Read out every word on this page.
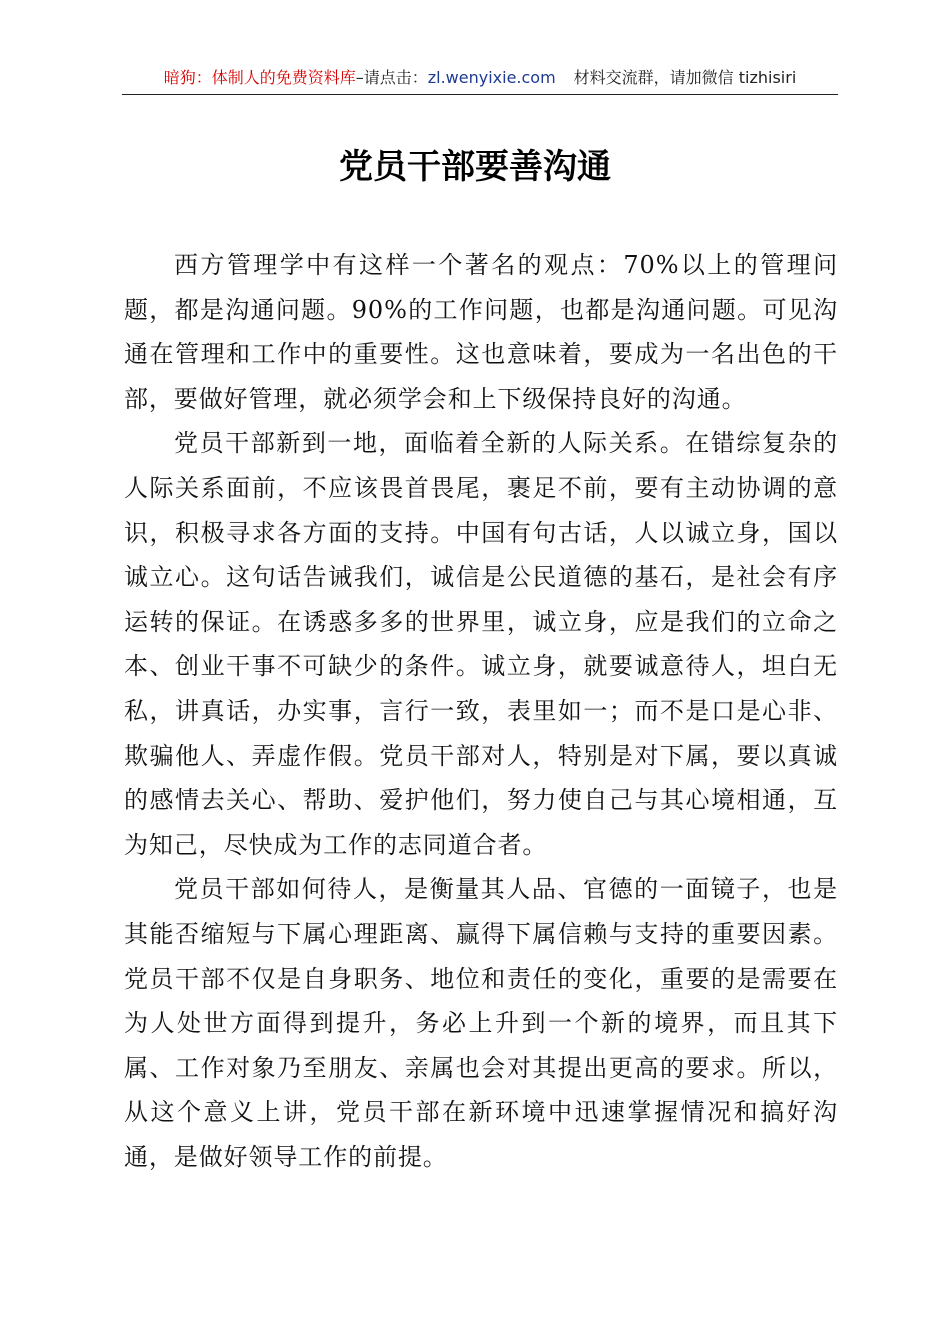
暗狗：体制人的免费资料库–请点击：zl.wenyixie.com 材料交流群，请加微信 tizhisiri
党员干部要善沟通

西方管理学中有这样一个著名的观点：70%以上的管理问题，都是沟通问题。90%的工作问题，也都是沟通问题。可见沟通在管理和工作中的重要性。这也意味着，要成为一名出色的干部，要做好管理，就必须学会和上下级保持良好的沟通。

党员干部新到一地，面临着全新的人际关系。在错综复杂的人际关系面前，不应该畏首畏尾，裹足不前，要有主动协调的意识，积极寻求各方面的支持。中国有句古话，人以诚立身，国以诚立心。这句话告诫我们，诚信是公民道德的基石，是社会有序运转的保证。在诱惑多多的世界里，诚立身，应是我们的立命之本、创业干事不可缺少的条件。诚立身，就要诚意待人，坦白无私，讲真话，办实事，言行一致，表里如一；而不是口是心非、欺骗他人、弄虚作假。党员干部对人，特别是对下属，要以真诚的感情去关心、帮助、爱护他们，努力使自己与其心境相通，互为知己，尽快成为工作的志同道合者。

党员干部如何待人，是衡量其人品、官德的一面镜子，也是其能否缩短与下属心理距离、赢得下属信赖与支持的重要因素。党员干部不仅是自身职务、地位和责任的变化，重要的是需要在为人处世方面得到提升，务必上升到一个新的境界，而且其下属、工作对象乃至朋友、亲属也会对其提出更高的要求。所以，从这个意义上讲，党员干部在新环境中迅速掌握情况和搞好沟通，是做好领导工作的前提。
